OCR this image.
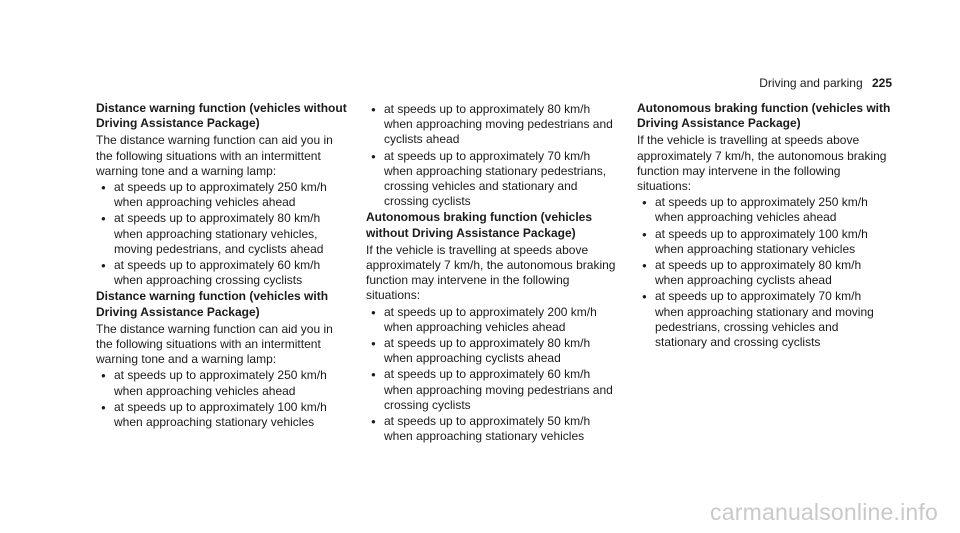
Driving and parking 225

Distance warning function (vehicles without Driving Assistance Package)

The distance warning function can aid you in the following situations with an intermittent warning tone and a warning lamp:

● at speeds up to approximately 250 km/h when approaching vehicles ahead
● at speeds up to approximately 80 km/h when approaching stationary vehicles, moving pedestrians, and cyclists ahead
● at speeds up to approximately 60 km/h when approaching crossing cyclists

Distance warning function (vehicles with Driving Assistance Package)

The distance warning function can aid you in the following situations with an intermittent warning tone and a warning lamp:

● at speeds up to approximately 250 km/h when approaching vehicles ahead
● at speeds up to approximately 100 km/h when approaching stationary vehicles
● at speeds up to approximately 80 km/h when approaching moving pedestrians and cyclists ahead
● at speeds up to approximately 70 km/h when approaching stationary pedestrians, crossing vehicles and stationary and crossing cyclists

Autonomous braking function (vehicles without Driving Assistance Package)

If the vehicle is travelling at speeds above approximately 7 km/h, the autonomous braking function may intervene in the following situations:

● at speeds up to approximately 200 km/h when approaching vehicles ahead
● at speeds up to approximately 80 km/h when approaching cyclists ahead
● at speeds up to approximately 60 km/h when approaching moving pedestrians and crossing cyclists
● at speeds up to approximately 50 km/h when approaching stationary vehicles

Autonomous braking function (vehicles with Driving Assistance Package)

If the vehicle is travelling at speeds above approximately 7 km/h, the autonomous braking function may intervene in the following situations:

● at speeds up to approximately 250 km/h when approaching vehicles ahead
● at speeds up to approximately 100 km/h when approaching stationary vehicles
● at speeds up to approximately 80 km/h when approaching cyclists ahead
● at speeds up to approximately 70 km/h when approaching stationary and moving pedestrians, crossing vehicles and stationary and crossing cyclists
carmanualsonline.info
